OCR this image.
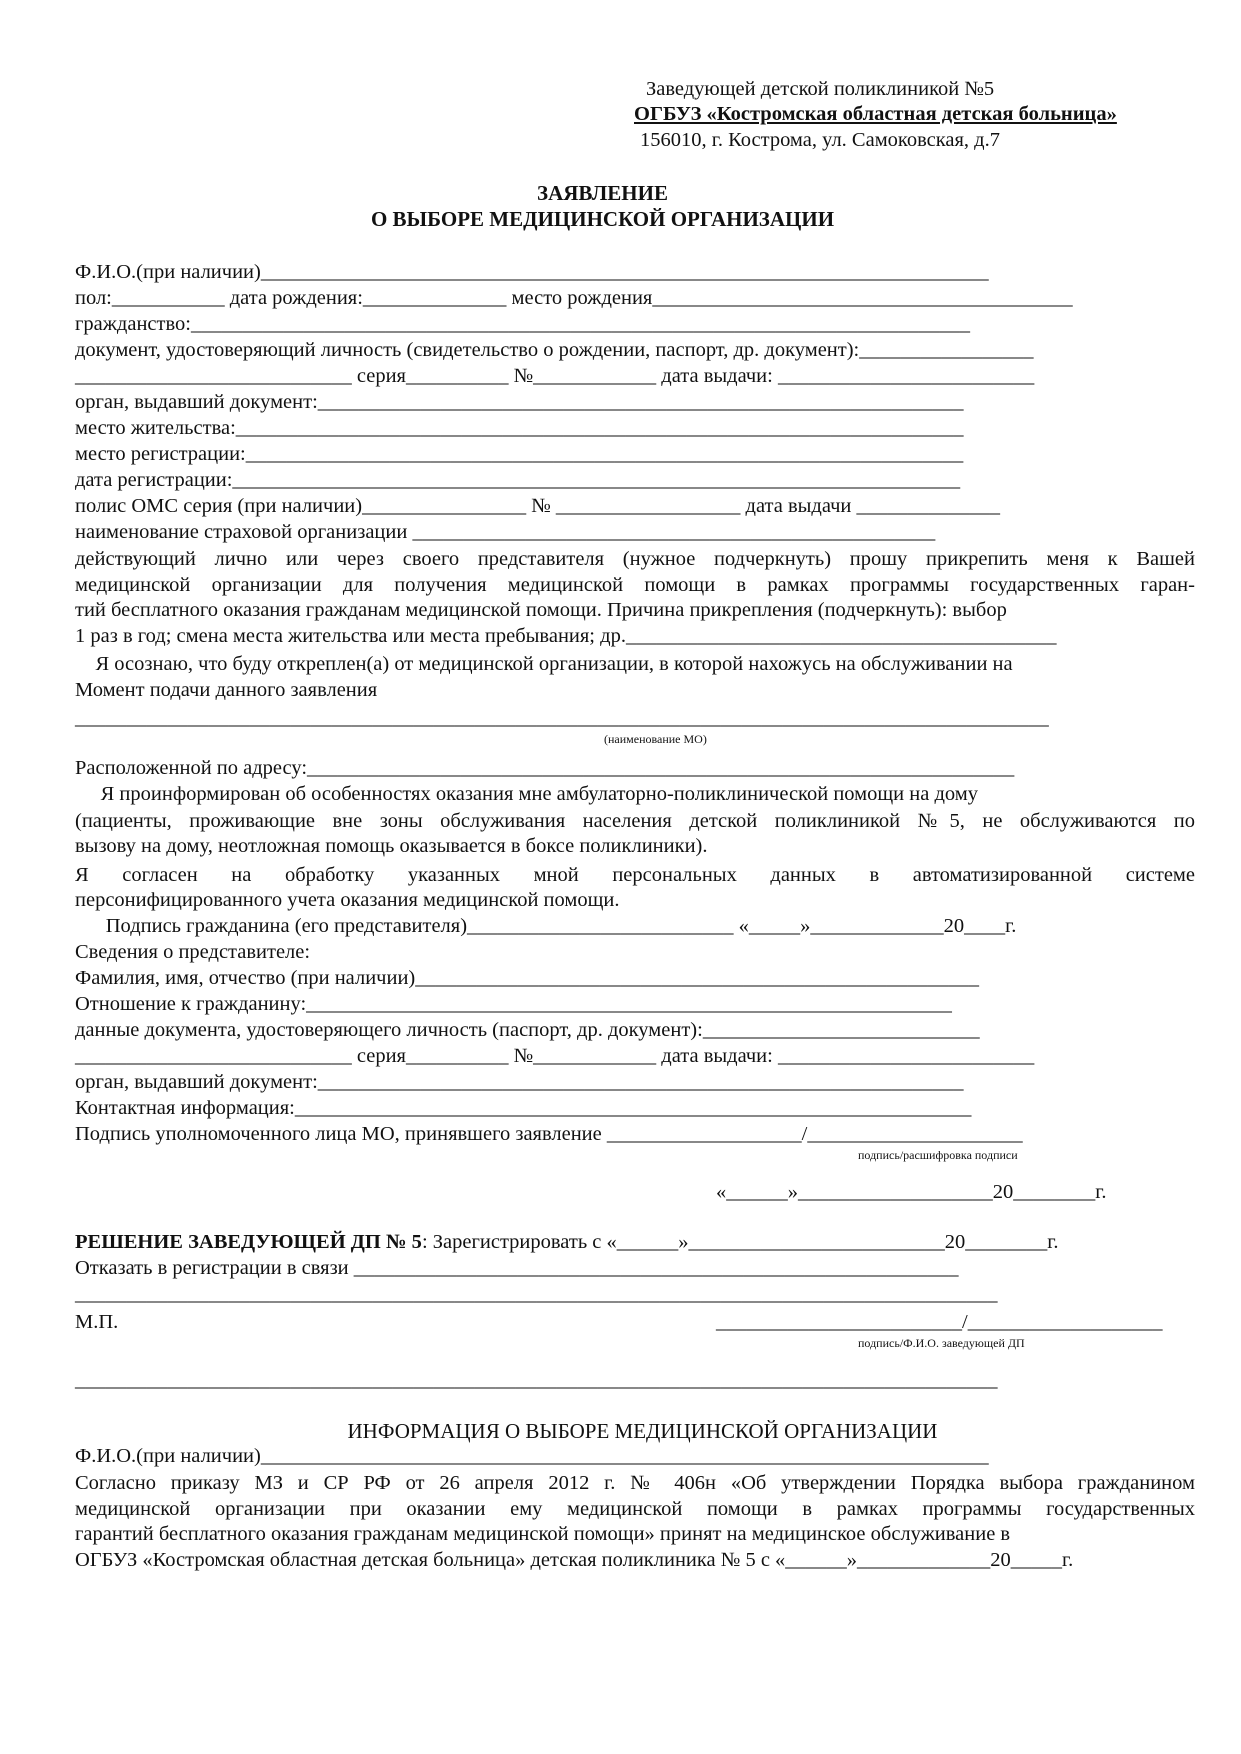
Заведующей детской поликлиникой №5
ОГБУЗ «Костромская областная детская больница»
156010, г. Кострома, ул. Самоковская, д.7
ЗАЯВЛЕНИЕ
О ВЫБОРЕ МЕДИЦИНСКОЙ ОРГАНИЗАЦИИ
Ф.И.О.(при наличии)_______________________________________________________________________
пол:___________ дата рождения:______________ место рождения_________________________________________
гражданство:____________________________________________________________________________
документ, удостоверяющий личность (свидетельство о рождении, паспорт, др. документ):_________________
___________________________ серия__________ №____________ дата выдачи: _________________________
орган, выдавший документ:_______________________________________________________________
место жительства:_______________________________________________________________________
место регистрации:______________________________________________________________________
дата регистрации:_______________________________________________________________________
полис ОМС серия (при наличии)________________ № __________________ дата выдачи ______________
наименование страховой организации ___________________________________________________
действующий лично или через своего представителя (нужное подчеркнуть) прошу прикрепить меня к Вашей
медицинской организации для получения медицинской помощи в рамках программы государственных гаран-
тий бесплатного оказания гражданам медицинской помощи. Причина прикрепления (подчеркнуть): выбор
1 раз в год; смена места жительства или места пребывания; др.__________________________________________
Я осознаю, что буду откреплен(а) от медицинской организации, в которой нахожусь на обслуживании на
Момент подачи данного заявления
_______________________________________________________________________________________________
(наименование МО)
Расположенной по адресу:_____________________________________________________________________
Я проинформирован об особенностях оказания мне амбулаторно-поликлинической помощи на дому
(пациенты, проживающие вне зоны обслуживания населения детской поликлиникой №5, не обслуживаются по
вызову на дому, неотложная помощь оказывается в боксе поликлиники).
Я согласен на обработку указанных мной персональных данных в автоматизированной системе
персонифицированного учета оказания медицинской помощи.
Подпись гражданина (его представителя)__________________________ «_____»_____________20____г.
Сведения о представителе:
Фамилия, имя, отчество (при наличии)_______________________________________________________
Отношение к гражданину:_______________________________________________________________
данные документа, удостоверяющего личность (паспорт, др. документ):___________________________
___________________________ серия__________ №____________ дата выдачи: _________________________
орган, выдавший документ:_______________________________________________________________
Контактная информация:__________________________________________________________________
Подпись уполномоченного лица МО, принявшего заявление ___________________/_____________________
подпись/расшифровка подписи
«______»___________________20________г.
РЕШЕНИЕ ЗАВЕДУЮЩЕЙ ДП № 5: Зарегистрировать с «______»_________________________20________г.
Отказать в регистрации в связи ___________________________________________________________
__________________________________________________________________________________________
М.П.	________________________/___________________
подпись/Ф.И.О. заведующей ДП
__________________________________________________________________________________________
ИНФОРМАЦИЯ О ВЫБОРЕ МЕДИЦИНСКОЙ ОРГАНИЗАЦИИ
Ф.И.О.(при наличии)_______________________________________________________________________
Согласно приказу МЗ и СР РФ от 26 апреля 2012 г. № 406н «Об утверждении Порядка выбора гражданином
медицинской организации при оказании ему медицинской помощи в рамках программы государственных
гарантий бесплатного оказания гражданам медицинской помощи» принят на медицинское обслуживание в
ОГБУЗ «Костромская областная детская больница» детская поликлиника № 5 с «______»_____________20_____г.
